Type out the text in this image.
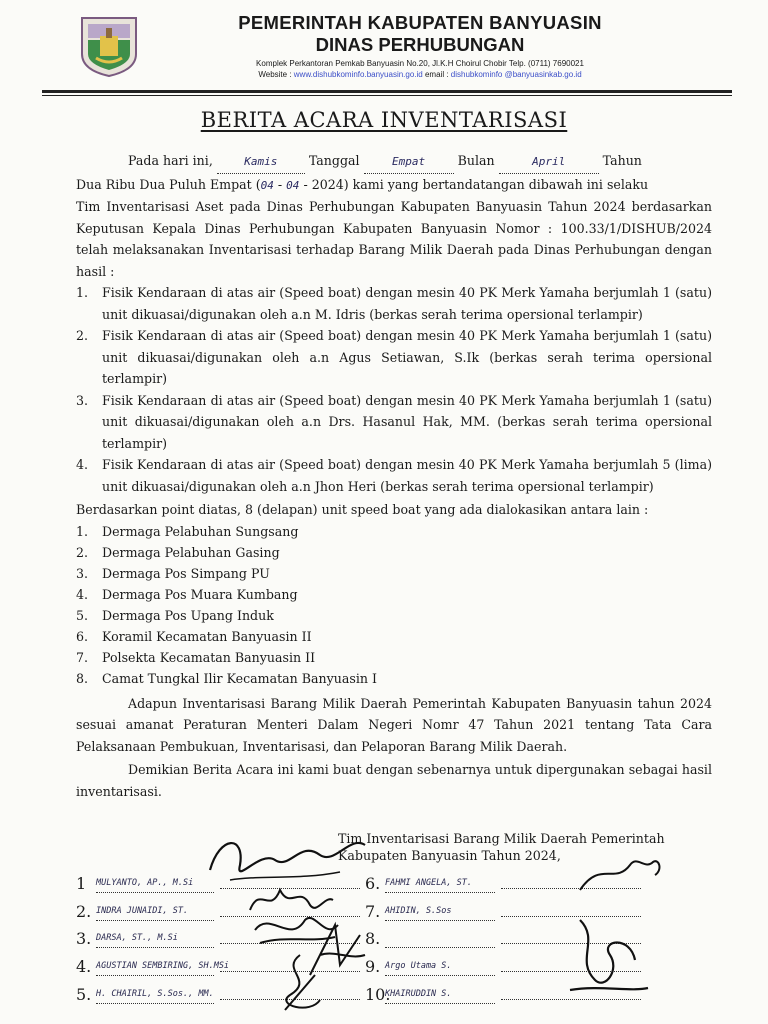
PEMERINTAH KABUPATEN BANYUASIN
DINAS PERHUBUNGAN
Komplek Perkantoran Pemkab Banyuasin No.20, Jl.K.H Choirul Chobir Telp. (0711) 7690021
Website : www.dishubkominfo.banyuasin.go.id email : dishubkominfo @banyuasinkab.go.id
BERITA ACARA INVENTARISASI

Pada hari ini,	Kamis Tanggal	Empat	Bulan	April	Tahun

Dua Ribu Dua Puluh Empat (04 - 04 - 2024) kami yang bertandatangan dibawah ini selaku

Tim Inventarisasi Aset pada Dinas Perhubungan Kabupaten Banyuasin Tahun 2024 berdasarkan Keputusan Kepala Dinas Perhubungan Kabupaten Banyuasin Nomor : 100.33/1/DISHUB/2024 telah melaksanakan Inventarisasi terhadap Barang Milik Daerah pada Dinas Perhubungan dengan hasil :

1. Fisik Kendaraan di atas air (Speed boat) dengan mesin 40 PK Merk Yamaha berjumlah 1 (satu) unit dikuasai/digunakan oleh a.n M. Idris (berkas serah terima opersional terlampir)
2. Fisik Kendaraan di atas air (Speed boat) dengan mesin 40 PK Merk Yamaha berjumlah 1 (satu) unit dikuasai/digunakan oleh a.n Agus Setiawan, S.Ik (berkas serah terima opersional terlampir)
3. Fisik Kendaraan di atas air (Speed boat) dengan mesin 40 PK Merk Yamaha berjumlah 1 (satu) unit dikuasai/digunakan oleh a.n Drs. Hasanul Hak, MM. (berkas serah terima opersional terlampir)
4. Fisik Kendaraan di atas air (Speed boat) dengan mesin 40 PK Merk Yamaha berjumlah 5 (lima) unit dikuasai/digunakan oleh a.n Jhon Heri (berkas serah terima opersional terlampir)

Berdasarkan point diatas, 8 (delapan) unit speed boat yang ada dialokasikan antara lain :

1. Dermaga Pelabuhan Sungsang
2. Dermaga Pelabuhan Gasing
3. Dermaga Pos Simpang PU
4. Dermaga Pos Muara Kumbang
5. Dermaga Pos Upang Induk
6. Koramil Kecamatan Banyuasin II
7. Polsekta Kecamatan Banyuasin II
8. Camat Tungkal Ilir Kecamatan Banyuasin I

Adapun Inventarisasi Barang Milik Daerah Pemerintah Kabupaten Banyuasin tahun 2024 sesuai amanat Peraturan Menteri Dalam Negeri Nomr 47 Tahun 2021 tentang Tata Cara Pelaksanaan Pembukuan, Inventarisasi, dan Pelaporan Barang Milik Daerah.

Demikian Berita Acara ini kami buat dengan sebenarnya untuk dipergunakan sebagai hasil inventarisasi.

Tim Inventarisasi Barang Milik Daerah Pemerintah
Kabupaten Banyuasin Tahun 2024,
1 MULYANTO, AP., M.Si
2. INDRA JUNAIDI, ST.
3. DARSA, ST., M.Si
4. AGUSTIAN SEMBIRING, SH.MSi
5. H. CHAIRIL, S.Sos., MM.
6. FAHMI ANGELA, ST.
7. AHIDIN, S.Sos
8.
9. Argo Utama S.
10.KHAIRUDDIN S.
